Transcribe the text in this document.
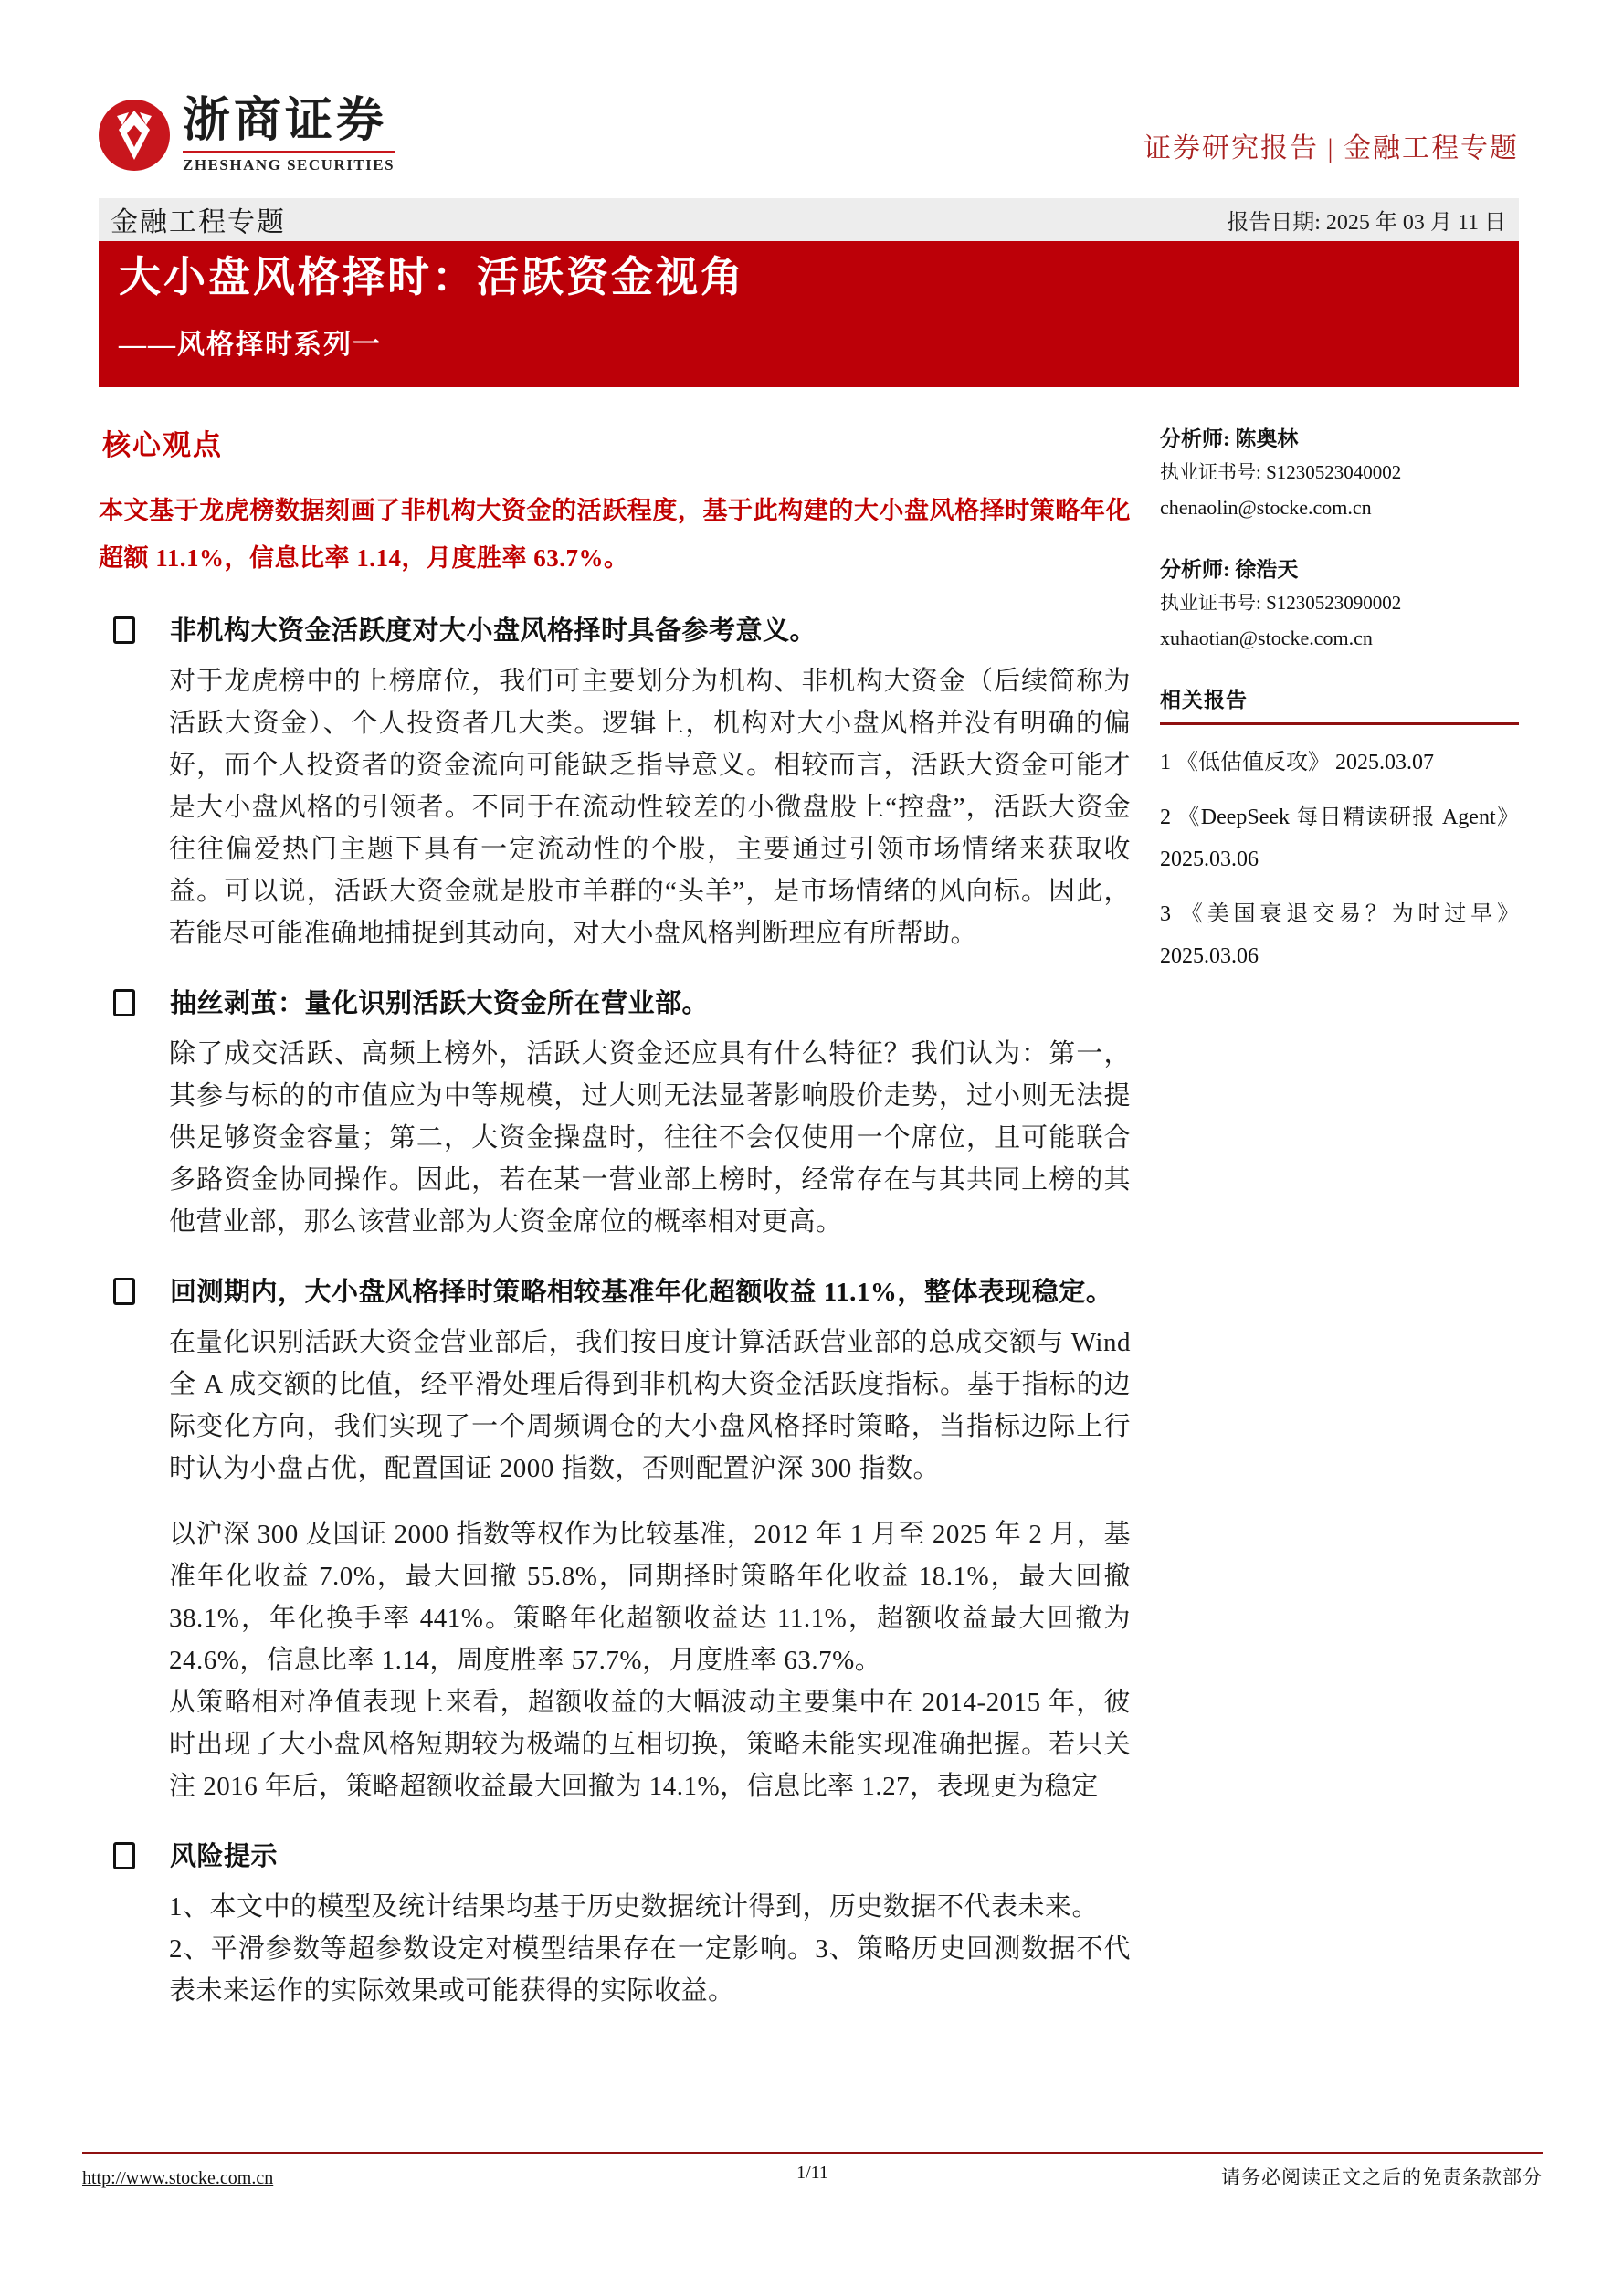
浙商证券
ZHESHANG SECURITIES
证券研究报告 | 金融工程专题
金融工程专题	报告日期: 2025 年 03 月 11 日
大小盘风格择时：活跃资金视角
——风格择时系列一
核心观点

本文基于龙虎榜数据刻画了非机构大资金的活跃程度，基于此构建的大小盘风格择时策略年化超额 11.1%，信息比率 1.14，月度胜率 63.7%。

非机构大资金活跃度对大小盘风格择时具备参考意义。

对于龙虎榜中的上榜席位，我们可主要划分为机构、非机构大资金（后续简称为活跃大资金）、个人投资者几大类。逻辑上，机构对大小盘风格并没有明确的偏好，而个人投资者的资金流向可能缺乏指导意义。相较而言，活跃大资金可能才是大小盘风格的引领者。不同于在流动性较差的小微盘股上“控盘”，活跃大资金往往偏爱热门主题下具有一定流动性的个股，主要通过引领市场情绪来获取收益。可以说，活跃大资金就是股市羊群的“头羊”，是市场情绪的风向标。因此，若能尽可能准确地捕捉到其动向，对大小盘风格判断理应有所帮助。

抽丝剥茧：量化识别活跃大资金所在营业部。

除了成交活跃、高频上榜外，活跃大资金还应具有什么特征？我们认为：第一，其参与标的的市值应为中等规模，过大则无法显著影响股价走势，过小则无法提供足够资金容量；第二，大资金操盘时，往往不会仅使用一个席位，且可能联合多路资金协同操作。因此，若在某一营业部上榜时，经常存在与其共同上榜的其他营业部，那么该营业部为大资金席位的概率相对更高。

回测期内，大小盘风格择时策略相较基准年化超额收益 11.1%，整体表现稳定。

在量化识别活跃大资金营业部后，我们按日度计算活跃营业部的总成交额与 Wind 全 A 成交额的比值，经平滑处理后得到非机构大资金活跃度指标。基于指标的边际变化方向，我们实现了一个周频调仓的大小盘风格择时策略，当指标边际上行时认为小盘占优，配置国证 2000 指数，否则配置沪深 300 指数。

以沪深 300 及国证 2000 指数等权作为比较基准，2012 年 1 月至 2025 年 2 月，基准年化收益 7.0%，最大回撤 55.8%，同期择时策略年化收益 18.1%，最大回撤 38.1%，年化换手率 441%。策略年化超额收益达 11.1%，超额收益最大回撤为 24.6%，信息比率 1.14，周度胜率 57.7%，月度胜率 63.7%。

从策略相对净值表现上来看，超额收益的大幅波动主要集中在 2014-2015 年，彼时出现了大小盘风格短期较为极端的互相切换，策略未能实现准确把握。若只关注 2016 年后，策略超额收益最大回撤为 14.1%，信息比率 1.27，表现更为稳定

风险提示

1、本文中的模型及统计结果均基于历史数据统计得到，历史数据不代表未来。

2、平滑参数等超参数设定对模型结果存在一定影响。3、策略历史回测数据不代表未来运作的实际效果或可能获得的实际收益。

分析师: 陈奥林
执业证书号: S1230523040002
chenaolin@stocke.com.cn
分析师: 徐浩天
执业证书号: S1230523090002
xuhaotian@stocke.com.cn
相关报告
1 《低估值反攻》 2025.03.07
2 《DeepSeek 每日精读研报 Agent》 2025.03.06
3 《美国衰退交易？为时过早》 2025.03.06
http://www.stocke.com.cn	1/11	请务必阅读正文之后的免责条款部分
